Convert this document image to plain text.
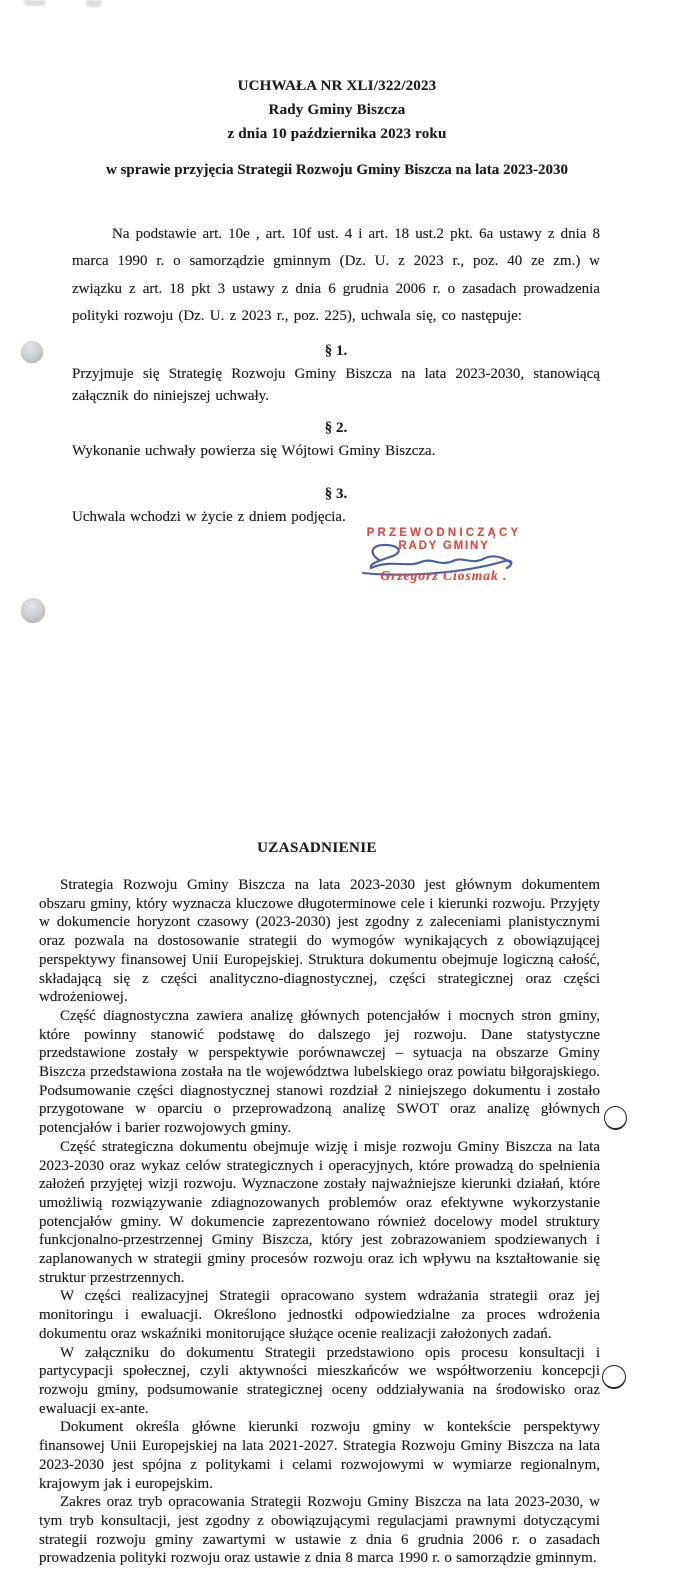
UCHWAŁA NR XLI/322/2023
Rady Gminy Biszcza
z dnia 10 października 2023 roku
w sprawie przyjęcia Strategii Rozwoju Gminy Biszcza na lata 2023-2030
Na podstawie art. 10e , art. 10f ust. 4 i art. 18 ust.2 pkt. 6a ustawy z dnia 8 marca 1990 r. o samorządzie gminnym (Dz. U. z 2023 r., poz. 40 ze zm.) w związku z art. 18 pkt 3 ustawy z dnia 6 grudnia 2006 r. o zasadach prowadzenia polityki rozwoju (Dz. U. z 2023 r., poz. 225), uchwala się, co następuje:
§ 1.

Przyjmuje się Strategię Rozwoju Gminy Biszcza na lata 2023-2030, stanowiącą załącznik do niniejszej uchwały.

§ 2.

Wykonanie uchwały powierza się Wójtowi Gminy Biszcza.

§ 3.

Uchwala wchodzi w życie z dniem podjęcia.

PRZEWODNICZĄCY
RADY GMINY
Grzegorz Ciosmak .
UZASADNIENIE

Strategia Rozwoju Gminy Biszcza na lata 2023-2030 jest głównym dokumentem obszaru gminy, który wyznacza kluczowe długoterminowe cele i kierunki rozwoju. Przyjęty w dokumencie horyzont czasowy (2023-2030) jest zgodny z zaleceniami planistycznymi oraz pozwala na dostosowanie strategii do wymogów wynikających z obowiązującej perspektywy finansowej Unii Europejskiej. Struktura dokumentu obejmuje logiczną całość, składającą się z części analityczno-diagnostycznej, części strategicznej oraz części wdrożeniowej.

Część diagnostyczna zawiera analizę głównych potencjałów i mocnych stron gminy, które powinny stanowić podstawę do dalszego jej rozwoju. Dane statystyczne przedstawione zostały w perspektywie porównawczej – sytuacja na obszarze Gminy Biszcza przedstawiona została na tle województwa lubelskiego oraz powiatu biłgorajskiego. Podsumowanie części diagnostycznej stanowi rozdział 2 niniejszego dokumentu i zostało przygotowane w oparciu o przeprowadzoną analizę SWOT oraz analizę głównych potencjałów i barier rozwojowych gminy.

Część strategiczna dokumentu obejmuje wizję i misje rozwoju Gminy Biszcza na lata 2023-2030 oraz wykaz celów strategicznych i operacyjnych, które prowadzą do spełnienia założeń przyjętej wizji rozwoju. Wyznaczone zostały najważniejsze kierunki działań, które umożliwią rozwiązywanie zdiagnozowanych problemów oraz efektywne wykorzystanie potencjałów gminy. W dokumencie zaprezentowano również docelowy model struktury funkcjonalno-przestrzennej Gminy Biszcza, który jest zobrazowaniem spodziewanych i zaplanowanych w strategii gminy procesów rozwoju oraz ich wpływu na kształtowanie się struktur przestrzennych.

W części realizacyjnej Strategii opracowano system wdrażania strategii oraz jej monitoringu i ewaluacji. Określono jednostki odpowiedzialne za proces wdrożenia dokumentu oraz wskaźniki monitorujące służące ocenie realizacji założonych zadań.

W załączniku do dokumentu Strategii przedstawiono opis procesu konsultacji i partycypacji społecznej, czyli aktywności mieszkańców we współtworzeniu koncepcji rozwoju gminy, podsumowanie strategicznej oceny oddziaływania na środowisko oraz ewaluacji ex-ante.

Dokument określa główne kierunki rozwoju gminy w kontekście perspektywy finansowej Unii Europejskiej na lata 2021-2027. Strategia Rozwoju Gminy Biszcza na lata 2023-2030 jest spójna z politykami i celami rozwojowymi w wymiarze regionalnym, krajowym jak i europejskim.

Zakres oraz tryb opracowania Strategii Rozwoju Gminy Biszcza na lata 2023-2030, w tym tryb konsultacji, jest zgodny z obowiązującymi regulacjami prawnymi dotyczącymi strategii rozwoju gminy zawartymi w ustawie z dnia 6 grudnia 2006 r. o zasadach prowadzenia polityki rozwoju oraz ustawie z dnia 8 marca 1990 r. o samorządzie gminnym.
